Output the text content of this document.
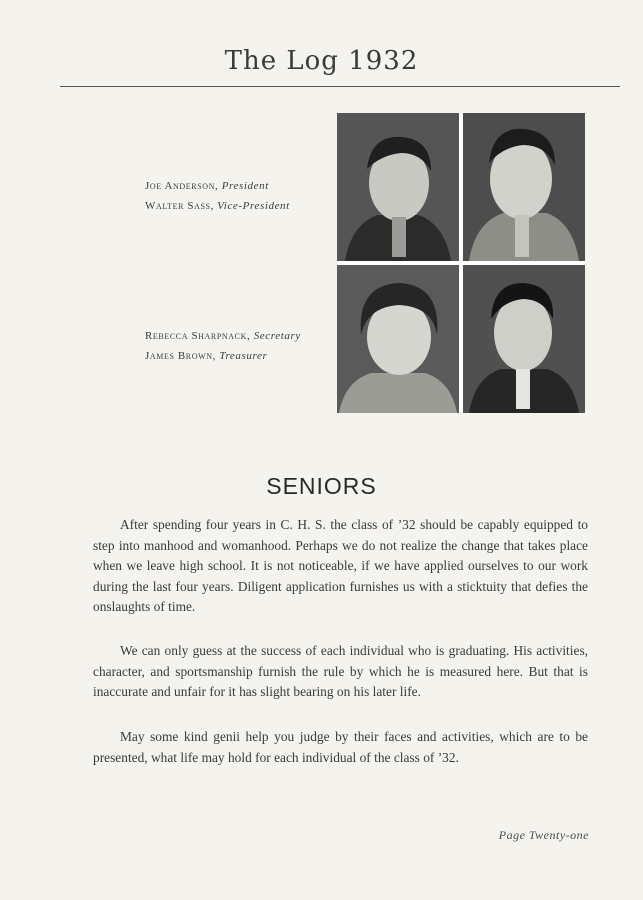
The Log 1932
Joe Anderson, President
Walter Sass, Vice-President
Rebecca Sharpnack, Secretary
James Brown, Treasurer
SENIORS

After spending four years in C. H. S. the class of ’32 should be capably equipped to step into manhood and womanhood. Perhaps we do not realize the change that takes place when we leave high school. It is not noticeable, if we have applied ourselves to our work during the last four years. Diligent application furnishes us with a sticktuity that defies the onslaughts of time.

We can only guess at the success of each individual who is graduating. His activities, character, and sportsmanship furnish the rule by which he is measured here. But that is inaccurate and unfair for it has slight bearing on his later life.

May some kind genii help you judge by their faces and activities, which are to be presented, what life may hold for each individual of the class of ’32.

Page Twenty-one
